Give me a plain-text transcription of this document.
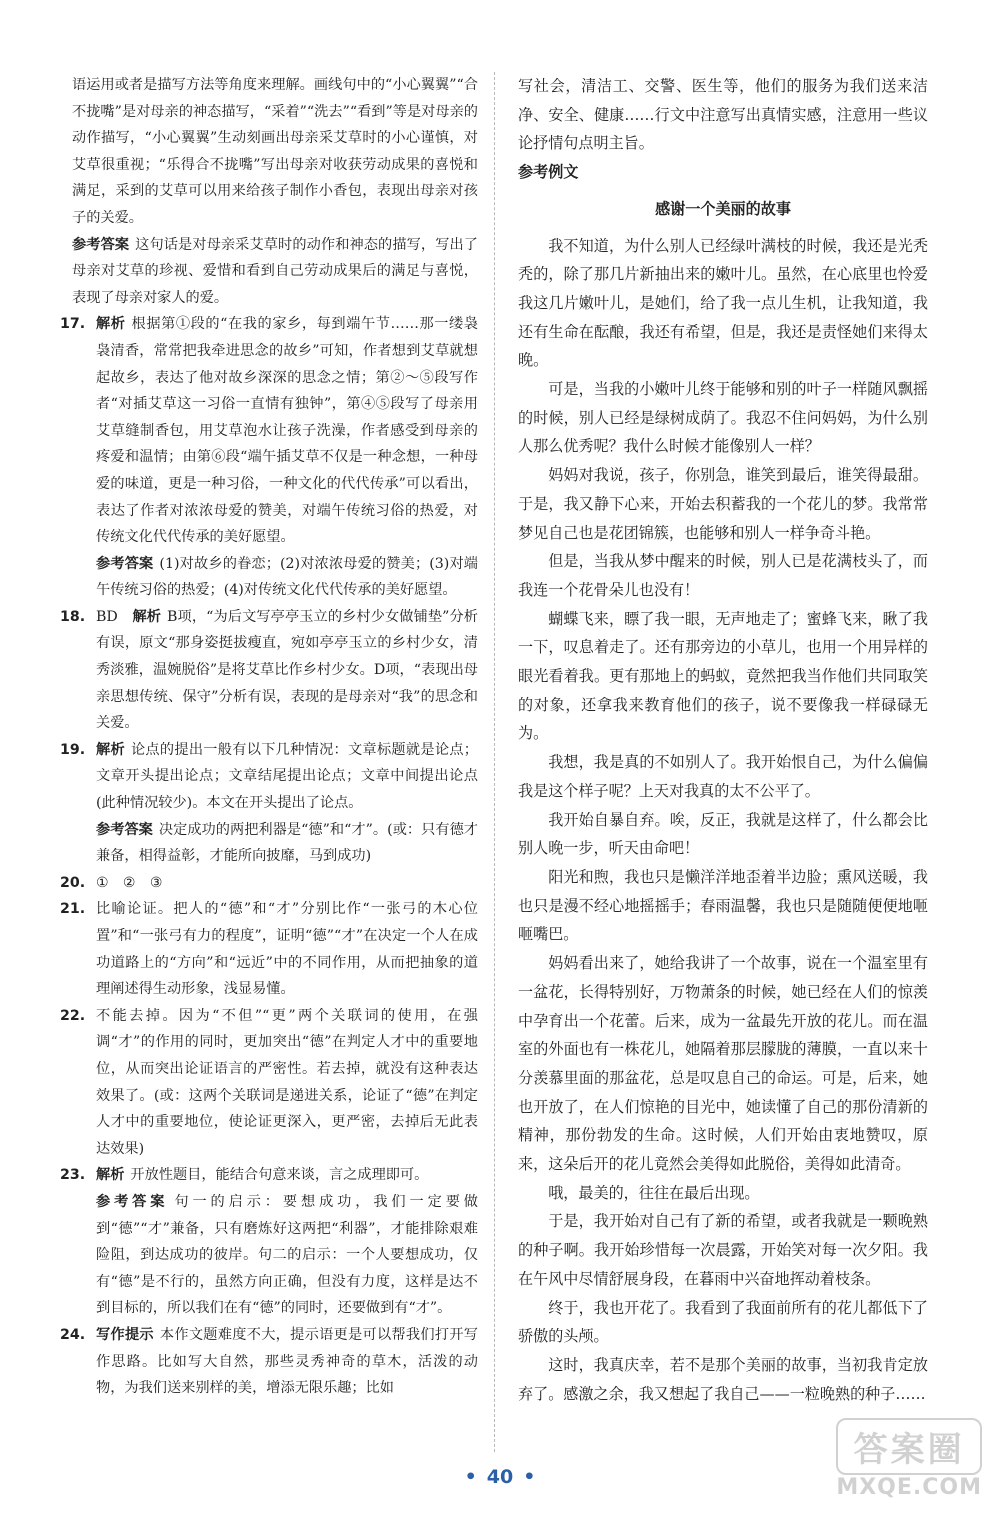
语运用或者是描写方法等角度来理解。画线句中的“小心翼翼”“合不拢嘴”是对母亲的神态描写，“采着”“洗去”“看到”等是对母亲的动作描写，“小心翼翼”生动刻画出母亲采艾草时的小心谨慎，对艾草很重视；“乐得合不拢嘴”写出母亲对收获劳动成果的喜悦和满足，采到的艾草可以用来给孩子制作小香包，表现出母亲对孩子的关爱。

参考答案 这句话是对母亲采艾草时的动作和神态的描写，写出了母亲对艾草的珍视、爱惜和看到自己劳动成果后的满足与喜悦，表现了母亲对家人的爱。

17. 解析 根据第①段的“在我的家乡，每到端午节……那一缕袅袅清香，常常把我牵进思念的故乡”可知，作者想到艾草就想起故乡，表达了他对故乡深深的思念之情；第②～⑤段写作者“对插艾草这一习俗一直情有独钟”，第④⑤段写了母亲用艾草缝制香包，用艾草泡水让孩子洗澡，作者感受到母亲的疼爱和温情；由第⑥段“端午插艾草不仅是一种念想，一种母爱的味道，更是一种习俗，一种文化的代代传承”可以看出，表达了作者对浓浓母爱的赞美，对端午传统习俗的热爱，对传统文化代代传承的美好愿望。
参考答案 (1)对故乡的眷恋；(2)对浓浓母爱的赞美；(3)对端午传统习俗的热爱；(4)对传统文化代代传承的美好愿望。
18. BD 解析 B项，“为后文写亭亭玉立的乡村少女做铺垫”分析有误，原文“那身姿挺拔瘦直，宛如亭亭玉立的乡村少女，清秀淡雅，温婉脱俗”是将艾草比作乡村少女。D项，“表现出母亲思想传统、保守”分析有误，表现的是母亲对“我”的思念和关爱。
19. 解析 论点的提出一般有以下几种情况：文章标题就是论点；文章开头提出论点；文章结尾提出论点；文章中间提出论点(此种情况较少)。本文在开头提出了论点。
参考答案 决定成功的两把利器是“德”和“才”。(或：只有德才兼备，相得益彰，才能所向披靡，马到成功)
20. ①　②　③
21. 比喻论证。把人的“德”和“才”分别比作“一张弓的木心位置”和“一张弓有力的程度”，证明“德”“才”在决定一个人在成功道路上的“方向”和“远近”中的不同作用，从而把抽象的道理阐述得生动形象，浅显易懂。
22. 不能去掉。因为“不但”“更”两个关联词的使用，在强调“才”的作用的同时，更加突出“德”在判定人才中的重要地位，从而突出论证语言的严密性。若去掉，就没有这种表达效果了。(或：这两个关联词是递进关系，论证了“德”在判定人才中的重要地位，使论证更深入，更严密，去掉后无此表达效果)
23. 解析 开放性题目，能结合句意来谈，言之成理即可。
参考答案 句一的启示：要想成功，我们一定要做到“德”“才”兼备，只有磨炼好这两把“利器”，才能排除艰难险阻，到达成功的彼岸。句二的启示：一个人要想成功，仅有“德”是不行的，虽然方向正确，但没有力度，这样是达不到目标的，所以我们在有“德”的同时，还要做到有“才”。
24. 写作提示 本作文题难度不大，提示语更是可以帮我们打开写作思路。比如写大自然，那些灵秀神奇的草木，活泼的动物，为我们送来别样的美，增添无限乐趣；比如

写社会，清洁工、交警、医生等，他们的服务为我们送来洁净、安全、健康……行文中注意写出真情实感，注意用一些议论抒情句点明主旨。

参考例文

感谢一个美丽的故事

我不知道，为什么别人已经绿叶满枝的时候，我还是光秃秃的，除了那几片新抽出来的嫩叶儿。虽然，在心底里也怜爱我这几片嫩叶儿，是她们，给了我一点儿生机，让我知道，我还有生命在酝酿，我还有希望，但是，我还是责怪她们来得太晚。

可是，当我的小嫩叶儿终于能够和别的叶子一样随风飘摇的时候，别人已经是绿树成荫了。我忍不住问妈妈，为什么别人那么优秀呢？我什么时候才能像别人一样？

妈妈对我说，孩子，你别急，谁笑到最后，谁笑得最甜。于是，我又静下心来，开始去积蓄我的一个花儿的梦。我常常梦见自己也是花团锦簇，也能够和别人一样争奇斗艳。

但是，当我从梦中醒来的时候，别人已是花满枝头了，而我连一个花骨朵儿也没有！

蝴蝶飞来，瞟了我一眼，无声地走了；蜜蜂飞来，瞅了我一下，叹息着走了。还有那旁边的小草儿，也用一个用异样的眼光看着我。更有那地上的蚂蚁，竟然把我当作他们共同取笑的对象，还拿我来教育他们的孩子，说不要像我一样碌碌无为。

我想，我是真的不如别人了。我开始恨自己，为什么偏偏我是这个样子呢？上天对我真的太不公平了。

我开始自暴自弃。唉，反正，我就是这样了，什么都会比别人晚一步，听天由命吧！

阳光和煦，我也只是懒洋洋地歪着半边脸；熏风送暖，我也只是漫不经心地摇摇手；春雨温馨，我也只是随随便便地咂咂嘴巴。

妈妈看出来了，她给我讲了一个故事，说在一个温室里有一盆花，长得特别好，万物萧条的时候，她已经在人们的惊羡中孕育出一个花蕾。后来，成为一盆最先开放的花儿。而在温室的外面也有一株花儿，她隔着那层朦胧的薄膜，一直以来十分羡慕里面的那盆花，总是叹息自己的命运。可是，后来，她也开放了，在人们惊艳的目光中，她读懂了自己的那份清新的精神，那份勃发的生命。这时候，人们开始由衷地赞叹，原来，这朵后开的花儿竟然会美得如此脱俗，美得如此清奇。

哦，最美的，往往在最后出现。

于是，我开始对自己有了新的希望，或者我就是一颗晚熟的种子啊。我开始珍惜每一次晨露，开始笑对每一次夕阳。我在午风中尽情舒展身段，在暮雨中兴奋地挥动着枝条。

终于，我也开花了。我看到了我面前所有的花儿都低下了骄傲的头颅。

这时，我真庆幸，若不是那个美丽的故事，当初我肯定放弃了。感激之余，我又想起了我自己——一粒晚熟的种子……

• 40 •
答案圈
MXQE.COM
